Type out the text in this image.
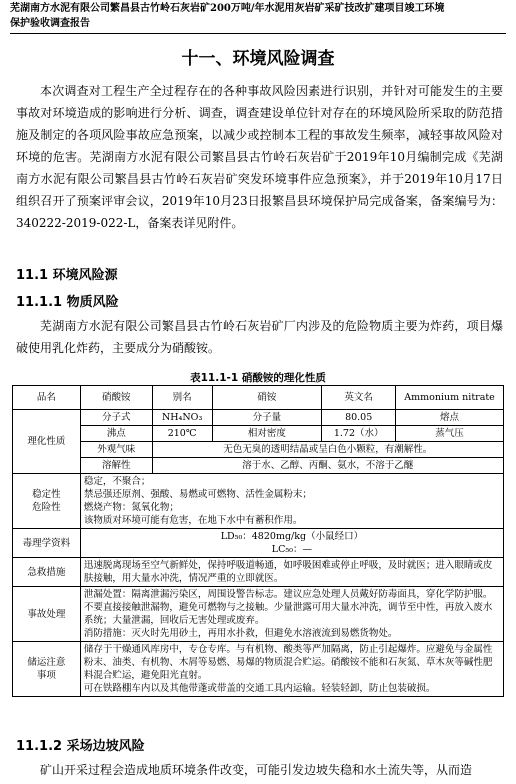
芜湖南方水泥有限公司繁昌县古竹岭石灰岩矿200万吨/年水泥用灰岩矿采矿技改扩建项目竣工环境
保护验收调查报告
十一、环境风险调查

本次调查对工程生产全过程存在的各种事故风险因素进行识别，并针对可能发生的主要事故对环境造成的影响进行分析、调查，调查建设单位针对存在的环境风险所采取的防范措施及制定的各项风险事故应急预案，以减少或控制本工程的事故发生频率，减轻事故风险对环境的危害。芜湖南方水泥有限公司繁昌县古竹岭石灰岩矿于2019年10月编制完成《芜湖南方水泥有限公司繁昌县古竹岭石灰岩矿突发环境事件应急预案》，并于2019年10月17日组织召开了预案评审会议，2019年10月23日报繁昌县环境保护局完成备案，备案编号为：340222-2019-022-L，备案表详见附件。

11.1 环境风险源
11.1.1 物质风险

芜湖南方水泥有限公司繁昌县古竹岭石灰岩矿厂内涉及的危险物质主要为炸药，项目爆破使用乳化炸药，主要成分为硝酸铵。

表11.1-1 硝酸铵的理化性质
品名	硝酸铵	别名	硝铵	英文名	Ammonium nitrate
理化性质	分子式	NH₄NO₃	分子量	80.05	熔点
	沸点	210℃	相对密度	1.72（水）	蒸气压
	外观气味	无色无臭的透明结晶或呈白色小颗粒，有潮解性。			
	溶解性	溶于水、乙醇、丙酮、氨水，不溶于乙醚			
稳定性
危险性	稳定，不聚合；
禁忌强还原剂、强酸、易燃或可燃物、活性金属粉末；
燃烧产物：氮氧化物；
该物质对环境可能有危害，在地下水中有蓄积作用。				
毒理学资料	LD₅₀：4820mg/kg（小鼠经口）
LC₅₀：—				

急救措施	迅速脱离现场至空气新鲜处，保持呼吸道畅通，如呼吸困难或停止呼吸，及时就医；进入眼睛或皮肤接触，用大量水冲洗，情况严重的立即就医。				
事故处理	泄漏处置：隔离泄漏污染区，周围设警告标志。建议应急处理人员戴好防毒面具，穿化学防护服。不要直接接触泄漏物，避免可燃物与之接触。少量泄露可用大量水冲洗，调节至中性，再放入废水系统；大量泄漏，回收后无害处理或废弃。
消防措施：灭火时先用砂土，再用水扑救，但避免水溶液流到易燃货物处。				
储运注意
事项	储存于干燥通风库房中，专仓专库。与有机物、酸类等严加隔离，防止引起爆炸。应避免与金属性粉末、油类、有机物、木屑等易燃、易爆的物质混合贮运。硝酸铵不能和石灰氮、草木灰等碱性肥料混合贮运，避免阳光直射。
可在铁路棚车内以及其他带蓬或带盖的交通工具内运输。轻装轻卸，防止包装破损。				
11.1.2 采场边坡风险

矿山开采过程会造成地质环境条件改变，可能引发边坡失稳和水土流失等，从而造
